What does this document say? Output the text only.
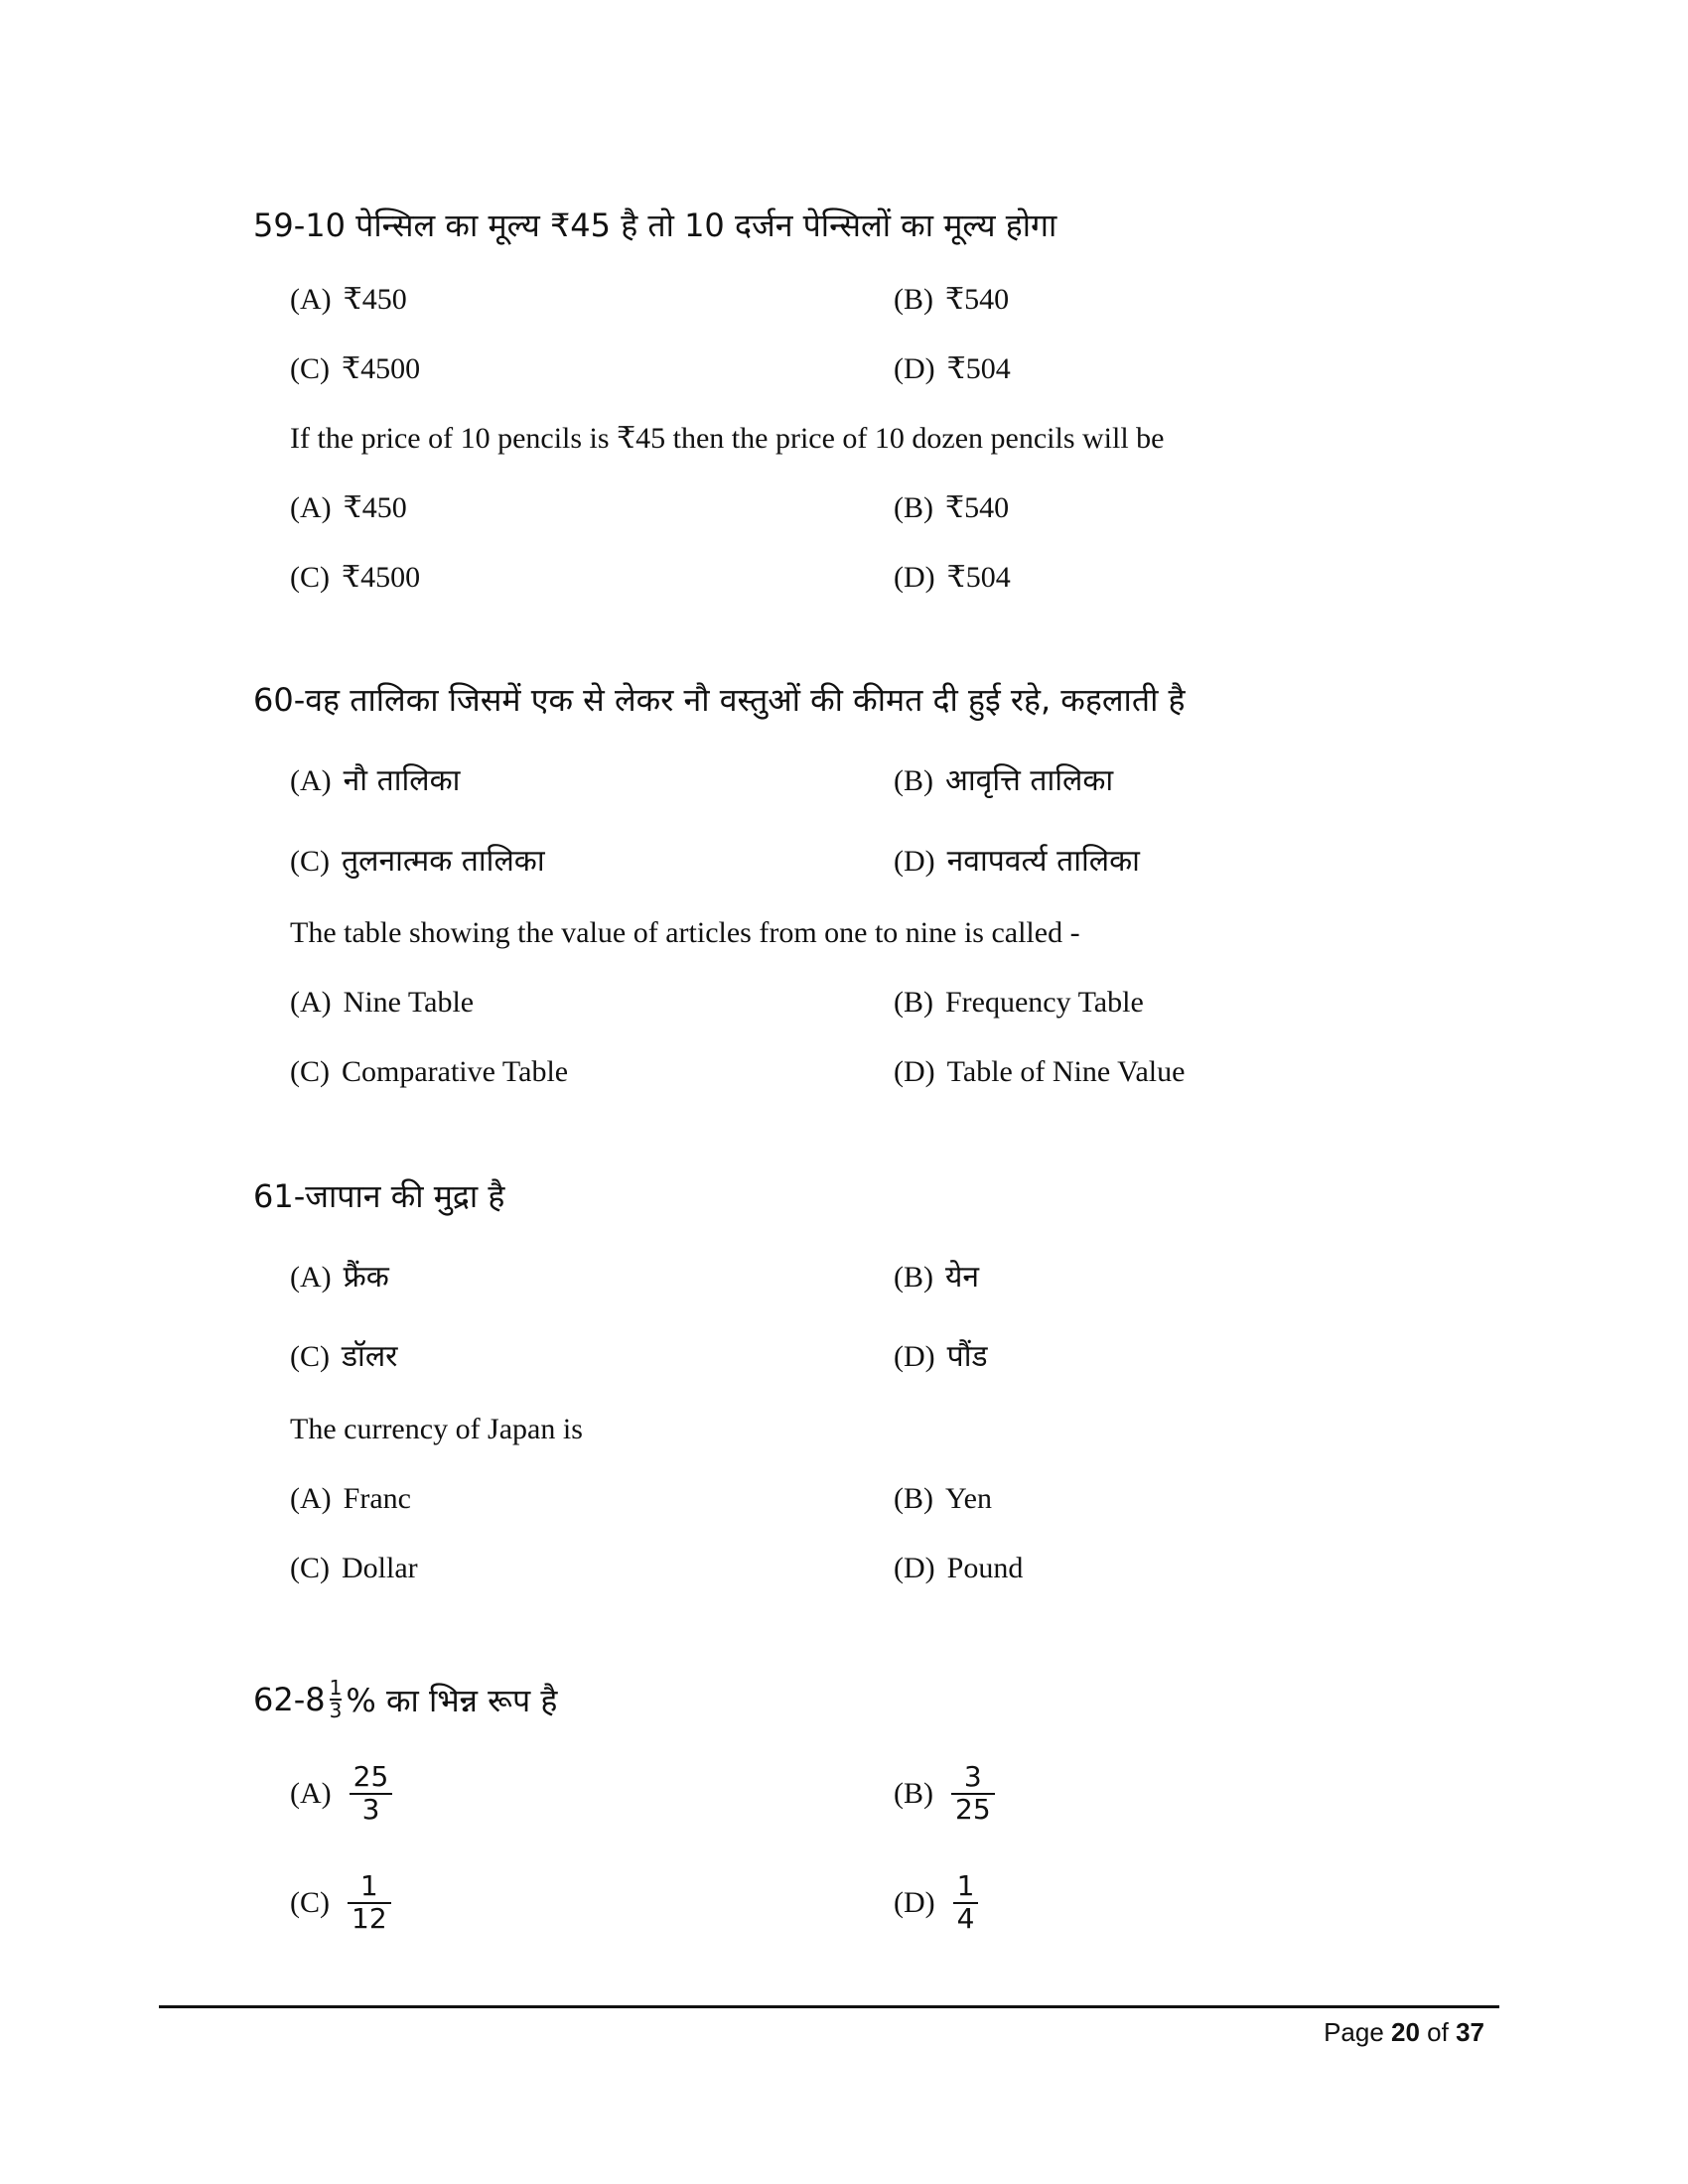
59-10 पेन्सिल का मूल्य ₹45 है तो 10 दर्जन पेन्सिलों का मूल्य होगा
(A) ₹450	(B) ₹540
(C) ₹4500	(D) ₹504
If the price of 10 pencils is ₹45 then the price of 10 dozen pencils will be
(A) ₹450	(B) ₹540
(C) ₹4500	(D) ₹504
60-वह तालिका जिसमें एक से लेकर नौ वस्तुओं की कीमत दी हुई रहे, कहलाती है
(A) नौ तालिका	(B) आवृत्ति तालिका
(C) तुलनात्मक तालिका	(D) नवापवर्त्य तालिका
The table showing the value of articles from one to nine is called -
(A) Nine Table	(B) Frequency Table
(C) Comparative Table	(D) Table of Nine Value
61-जापान की मुद्रा है
(A) फ्रैंक	(B) येन
(C) डॉलर	(D) पौंड
The currency of Japan is
(A) Franc	(B) Yen
(C) Dollar	(D) Pound
62- $8 \frac{1}{3}$ % का भिन्न रूप है
$(A) \frac{25}{3}$	$(B) \frac{3}{25}$
$(C) \frac{1}{12}$	$(D) \frac{1}{4}$
Page 20 of 37
